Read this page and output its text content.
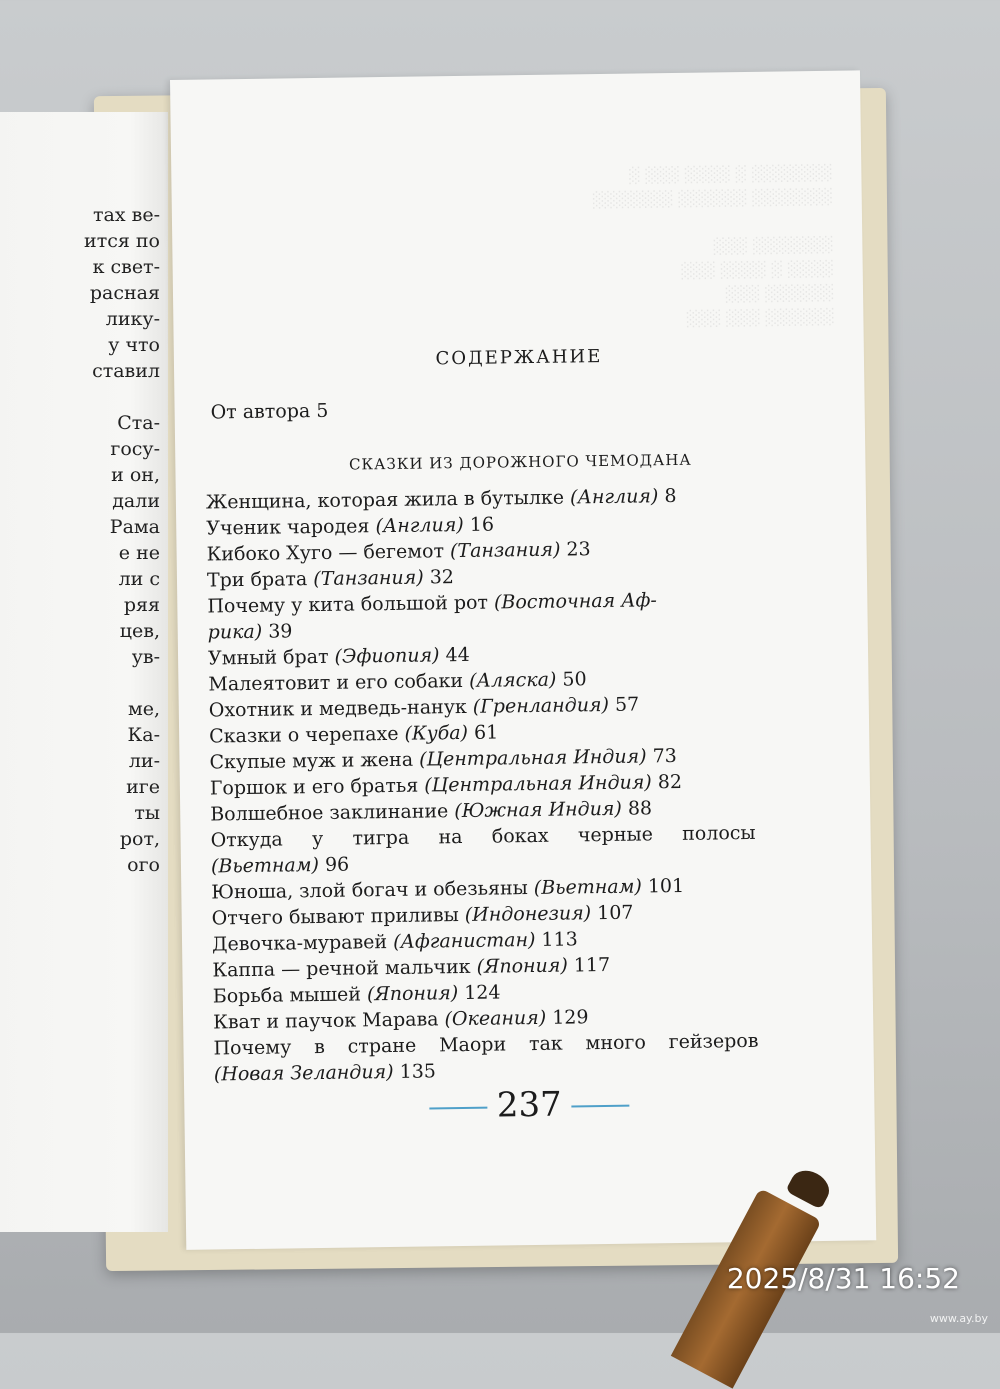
тах ве-
ится по
к свет-
расная
лику-
у что
ставил

Ста-
госу-
и он,
дали
Рама
е не
ли с
ряя
цев,
ув-

ме,
Ка-
ли-
иге
ты
рот,
ого
░░░░░░░ ░ ░░░░ ░░░ ░
░░░░░░░ ░░░░░░ ░░░░░░░

░░░░░░░ ░░░
░░░░ ░ ░░░░ ░░░
░░░░░░ ░░░
░░░░░░ ░░░ ░░░
СОДЕРЖАНИЕ
От автора 5
СКАЗКИ ИЗ ДОРОЖНОГО ЧЕМОДАНА
Женщина, которая жила в бутылке (Англия) 8
Ученик чародея (Англия) 16
Кибоко Хуго — бегемот (Танзания) 23
Три брата (Танзания) 32
Почему у кита большой рот (Восточная Аф-
рика) 39
Умный брат (Эфиопия) 44
Малеятовит и его собаки (Аляска) 50
Охотник и медведь-нанук (Гренландия) 57
Сказки о черепахе (Куба) 61
Скупые муж и жена (Центральная Индия) 73
Горшок и его братья (Центральная Индия) 82
Волшебное заклинание (Южная Индия) 88
Откуда у тигра на боках черные полосы
(Вьетнам) 96
Юноша, злой богач и обезьяны (Вьетнам) 101
Отчего бывают приливы (Индонезия) 107
Девочка-муравей (Афганистан) 113
Каппа — речной мальчик (Япония) 117
Борьба мышей (Япония) 124
Кват и паучок Марава (Океания) 129
Почему в стране Маори так много гейзеров
(Новая Зеландия) 135
237
2025/8/31 16:52
www.ay.by
